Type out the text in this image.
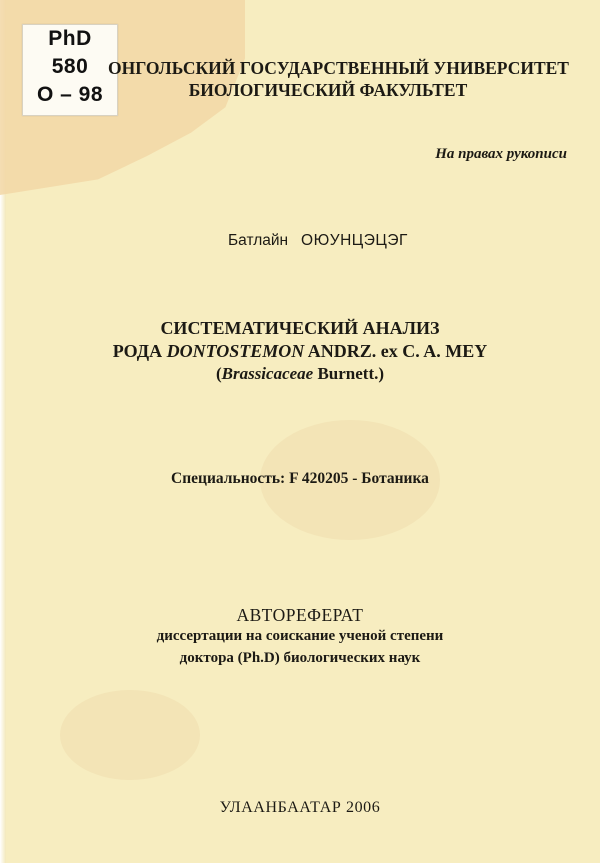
PhD
580
О – 98
ОНГОЛЬСКИЙ ГОСУДАРСТВЕННЫЙ УНИВЕРСИТЕТ
БИОЛОГИЧЕСКИЙ ФАКУЛЬТЕТ
На правах рукописи
Батлайн ОЮУНЦЭЦЭГ
СИСТЕМАТИЧЕСКИЙ АНАЛИЗ
РОДА DONTOSTEMON ANDRZ. ex C. A. MEY
(Brassicaceae Burnett.)
Специальность: F 420205 - Ботаника
АВТОРЕФЕРАТ
диссертации на соискание ученой степени
доктора (Ph.D) биологических наук
УЛААНБААТАР 2006
